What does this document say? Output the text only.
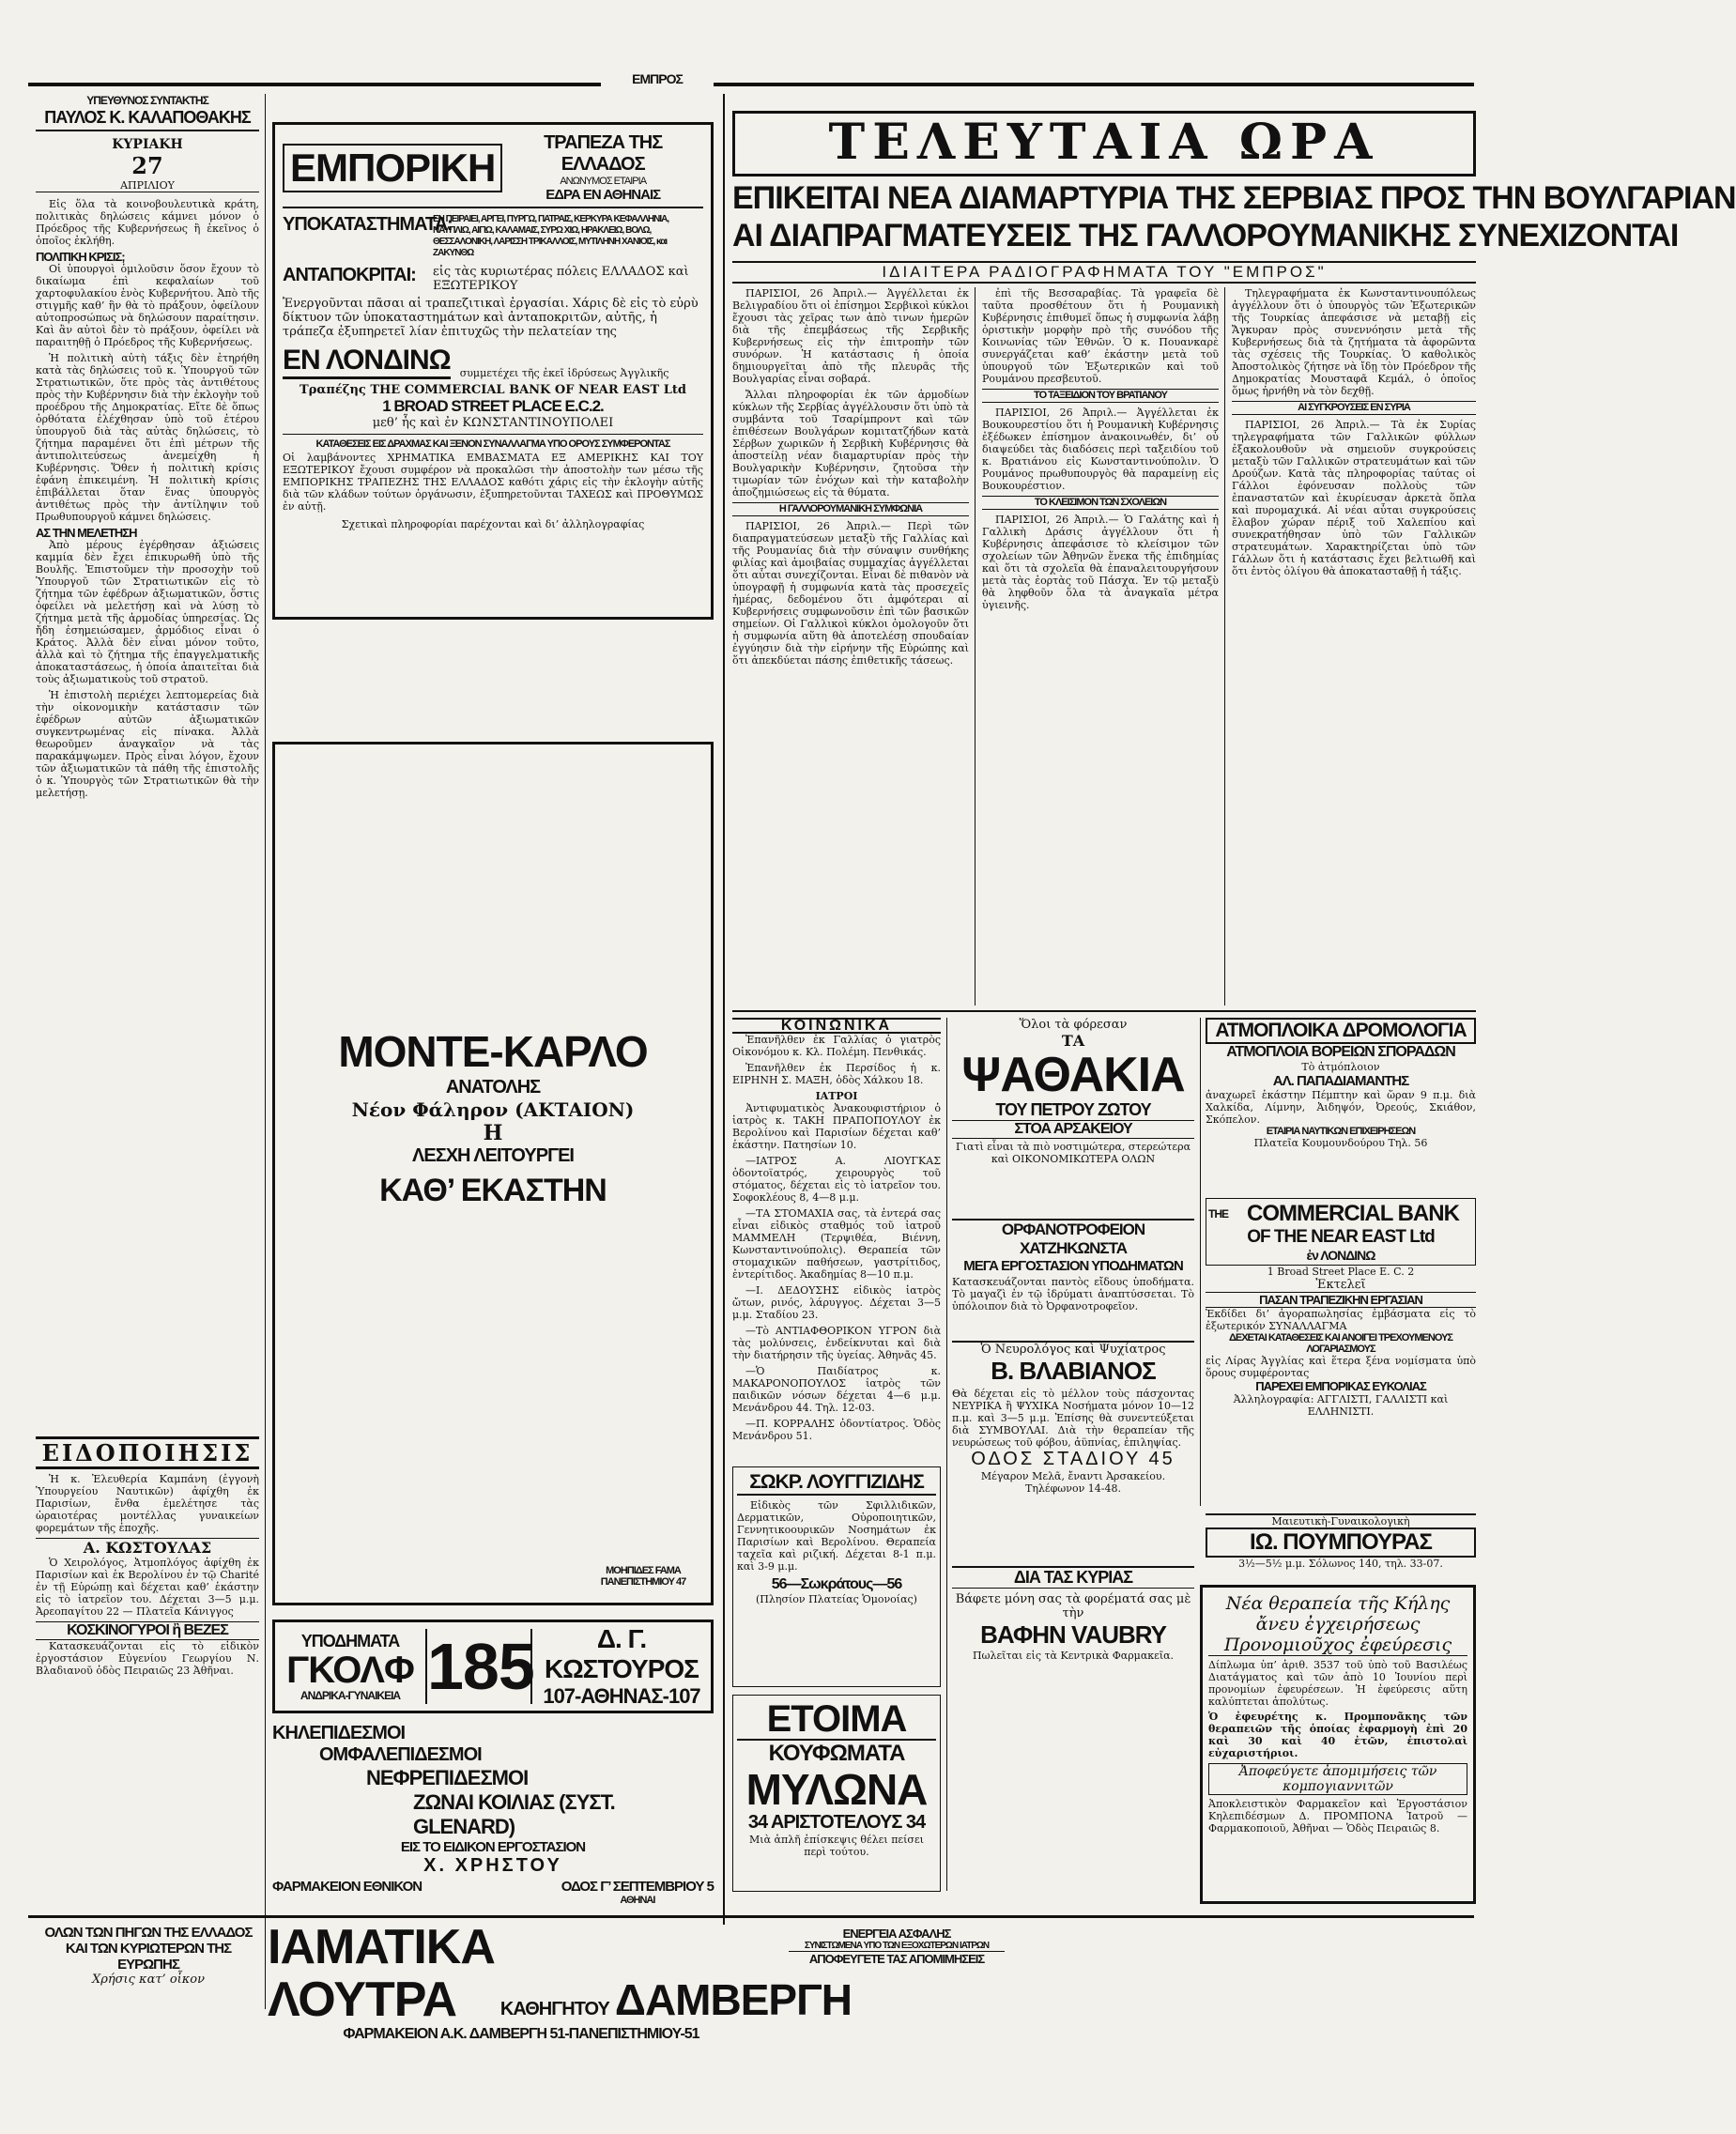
ΕΜΠΡΟΣ
ΥΠΕΥΘΥΝΟΣ ΣΥΝΤΑΚΤΗΣ
ΠΑΥΛΟΣ Κ. ΚΑΛΑΠΟΘΑΚΗΣ
ΚΥΡΙΑΚΗ
27
ΑΠΡΙΛΙΟΥ

Εἰς ὅλα τὰ κοινοβουλευτικὰ κράτη, πολιτικὰς δηλώσεις κάμνει μόνον ὁ Πρόεδρος τῆς Κυβερνήσεως ἢ ἐκεῖνος ὁ ὁποῖος ἐκλήθη.

ΠΟΛΙΤΙΚΗ ΚΡΙΣΙΣ;

Οἱ ὑπουργοὶ ὁμιλοῦσιν ὅσον ἔχουν τὸ δικαίωμα ἐπὶ κεφαλαίων τοῦ χαρτοφυλακίου ἑνὸς Κυβερνήτου. Ἀπὸ τῆς στιγμῆς καθ’ ἣν θὰ τὸ πράξουν, ὀφείλουν αὐτοπροσώπως νὰ δηλώσουν παραίτησιν. Καὶ ἂν αὐτοὶ δὲν τὸ πράξουν, ὀφείλει νὰ παραιτηθῇ ὁ Πρόεδρος τῆς Κυβερνήσεως.

Ἡ πολιτικὴ αὐτὴ τάξις δὲν ἐτηρήθη κατὰ τὰς δηλώσεις τοῦ κ. Ὑπουργοῦ τῶν Στρατιωτικῶν, ὅτε πρὸς τὰς ἀντιθέτους πρὸς τὴν Κυβέρνησιν διὰ τὴν ἐκλογὴν τοῦ προέδρου τῆς Δημοκρατίας. Εἴτε δὲ ὅπως ὀρθότατα ἐλέχθησαν ὑπὸ τοῦ ἐτέρου ὑπουργοῦ διὰ τὰς αὐτὰς δηλώσεις, τὸ ζήτημα παραμένει ὅτι ἐπὶ μέτρων τῆς ἀντιπολιτεύσεως ἀνεμείχθη ἡ Κυβέρνησις. Ὅθεν ἡ πολιτικὴ κρίσις ἐφάνη ἐπικειμένη. Ἡ πολιτικὴ κρίσις ἐπιβάλλεται ὅταν ἕνας ὑπουργὸς ἀντιθέτως πρὸς τὴν ἀντίληψιν τοῦ Πρωθυπουργοῦ κάμνει δηλώσεις.

ΑΣ ΤΗΝ ΜΕΛΕΤΗΣΗ

Ἀπὸ μέρους ἐγέρθησαν ἀξιώσεις καμμία δὲν ἔχει ἐπικυρωθῆ ὑπὸ τῆς Βουλῆς. Ἐπιστοῦμεν τὴν προσοχὴν τοῦ Ὑπουργοῦ τῶν Στρατιωτικῶν εἰς τὸ ζήτημα τῶν ἐφέδρων ἀξιωματικῶν, ὅστις ὀφείλει νὰ μελετήσῃ καὶ νὰ λύσῃ τὸ ζήτημα μετὰ τῆς ἁρμοδίας ὑπηρεσίας. Ὡς ἤδη ἐσημειώσαμεν, ἀρμόδιος εἶναι ὁ Κράτος. Ἀλλὰ δὲν εἶναι μόνον τοῦτο, ἀλλὰ καὶ τὸ ζήτημα τῆς ἐπαγγελματικῆς ἀποκαταστάσεως, ἡ ὁποία ἀπαιτεῖται διὰ τοὺς ἀξιωματικοὺς τοῦ στρατοῦ.

Ἡ ἐπιστολὴ περιέχει λεπτομερείας διὰ τὴν οἰκονομικὴν κατάστασιν τῶν ἐφέδρων αὐτῶν ἀξιωματικῶν συγκεντρωμένας εἰς πίνακα. Ἀλλὰ θεωροῦμεν ἀναγκαῖον νὰ τὰς παρακάμψωμεν. Πρὸς εἶναι λόγον, ἔχουν τῶν ἀξιωματικῶν τὰ πάθη τῆς ἐπιστολῆς ὁ κ. Ὑπουργὸς τῶν Στρατιωτικῶν θὰ τὴν μελετήσῃ.

ΕΙΔΟΠΟΙΗΣΙΣ

Ἡ κ. Ἐλευθερία Καμπάνη (ἐγγονὴ Ὑπουργείου Ναυτικῶν) ἀφίχθη ἐκ Παρισίων, ἔνθα ἐμελέτησε τὰς ὡραιοτέρας μοντέλλας γυναικείων φορεμάτων τῆς ἐποχῆς.

Α. ΚΩΣΤΟΥΛΑΣ

Ὁ Χειρολόγος, Ἀτμοπλόγος ἀφίχθη ἐκ Παρισίων καὶ ἐκ Βερολίνου ἐν τῷ Charité ἐν τῇ Εὐρώπῃ καὶ δέχεται καθ’ ἑκάστην εἰς τὸ ἰατρεῖον του. Δέχεται 3—5 μ.μ. Ἀρεοπαγίτου 22 — Πλατεῖα Κάνιγγος

ΚΟΣΚΙΝΟΓΥΡΟΙ ἢ ΒΕΖΕΣ

Κατασκευάζονται εἰς τὸ εἰδικὸν ἐργοστάσιον Εὐγενίου Γεωργίου Ν. Βλαδιανοῦ ὁδὸς Πειραιῶς 23 Ἀθῆναι.

ΕΜΠΟΡΙΚΗ
ΤΡΑΠΕΖΑ ΤΗΣ ΕΛΛΑΔΟΣ
ΑΝΩΝΥΜΟΣ ΕΤΑΙΡΙΑ
ΕΔΡΑ ΕΝ ΑΘΗΝΑΙΣ
ΥΠΟΚΑΤΑΣΤΗΜΑΤΑ:
ΕΝ ΠΕΙΡΑΙΕΙ, ΑΡΓΕΙ, ΠΥΡΓΩ, ΠΑΤΡΑΙΣ, ΚΕΡΚΥΡΑ ΚΕΦΑΛΛΗΝΙΑ, ΝΑΥΠΛΙΩ, ΑΙΓΙΩ, ΚΑΛΑΜΑΙΣ, ΣΥΡΩ ΧΙΩ, ΗΡΑΚΛΕΙΩ, ΒΟΛΩ, ΘΕΣΣΑΛΟΝΙΚΗ, ΛΑΡΙΣΣΗ ΤΡΙΚΑΛΛΟΙΣ, ΜΥΤΙΛΗΝΗ ΧΑΝΙΟΙΣ, και ΖΑΚΥΝΘΩ
ΑΝΤΑΠΟΚΡΙΤΑΙ:	εἰς τὰς κυριωτέρας πόλεις ΕΛΛΑΔΟΣ καὶ ΕΞΩΤΕΡΙΚΟΥ
Ἐνεργοῦνται πᾶσαι αἱ τραπεζιτικαὶ ἐργασίαι. Χάρις δὲ εἰς τὸ εὐρὺ δίκτυον τῶν ὑποκαταστημάτων καὶ ἀνταποκριτῶν, αὐτῆς, ἡ τράπεζα ἐξυπηρετεῖ λίαν ἐπιτυχῶς τὴν πελατείαν της
ΕΝ ΛΟΝΔΙΝΩ συμμετέχει τῆς ἐκεῖ ἱδρύσεως Ἀγγλικῆς
Τραπέζης THE COMMERCIAL BANK OF NEAR EAST Ltd
1 BROAD STREET PLACE E.C.2.
μεθ’ ἧς καὶ ἐν ΚΩΝΣΤΑΝΤΙΝΟΥΠΟΛΕΙ
ΚΑΤΑΘΕΣΕΙΣ ΕΙΣ ΔΡΑΧΜΑΣ ΚΑΙ ΞΕΝΟΝ ΣΥΝΑΛΛΑΓΜΑ ΥΠΟ ΟΡΟΥΣ ΣΥΜΦΕΡΟΝΤΑΣ
Οἱ λαμβάνοντες ΧΡΗΜΑΤΙΚΑ ΕΜΒΑΣΜΑΤΑ ΕΞ ΑΜΕΡΙΚΗΣ ΚΑΙ ΤΟΥ ΕΞΩΤΕΡΙΚΟΥ ἔχουσι συμφέρον νὰ προκαλῶσι τὴν ἀποστολὴν των μέσω τῆς ΕΜΠΟΡΙΚΗΣ ΤΡΑΠΕΖΗΣ ΤΗΣ ΕΛΛΑΔΟΣ καθότι χάρις εἰς τὴν ἐκλογὴν αὐτῆς διὰ τῶν κλάδων τούτων ὀργάνωσιν, ἐξυπηρετοῦνται ΤΑΧΕΩΣ καὶ ΠΡΟΘΥΜΩΣ ἐν αὐτῇ.
Σχετικαὶ πληροφορίαι παρέχονται καὶ δι’ ἀλληλογραφίας
ΜΟΝΤΕ-ΚΑΡΛΟ
ΑΝΑΤΟΛΗΣ
Νέον Φάληρον (ΑΚΤΑΙΟΝ)
Η
ΛΕΣΧΗ ΛΕΙΤΟΥΡΓΕΙ
ΚΑΘ’ ΕΚΑΣΤΗΝ
ΜΟΗΠΙΔΕΣ FAMA ΠΑΝΕΠΙΣΤΗΜΙΟΥ 47
ΥΠΟΔΗΜΑΤΑ
ΓΚΟΛΦ
ΑΝΔΡΙΚΑ-ΓΥΝΑΙΚΕΙΑ 185	Δ. Γ. ΚΩΣΤΟΥΡΟΣ
107-ΑΘΗΝΑΣ-107
ΚΗΛΕΠΙΔΕΣΜΟΙ
ΟΜΦΑΛΕΠΙΔΕΣΜΟΙ
ΝΕΦΡΕΠΙΔΕΣΜΟΙ
ΖΩΝΑΙ ΚΟΙΛΙΑΣ (ΣΥΣΤ. GLENARD)
ΕΙΣ ΤΟ ΕΙΔΙΚΟΝ ΕΡΓΟΣΤΑΣΙΟΝ
Χ. ΧΡΗΣΤΟΥ
ΦΑΡΜΑΚΕΙΟΝ ΕΘΝΙΚΟΝ	ΟΔΟΣ Γ’ ΣΕΠΤΕΜΒΡΙΟΥ 5
ΑΘΗΝΑΙ
ΤΕΛΕΥΤΑΙΑ ΩΡΑ
ΕΠΙΚΕΙΤΑΙ ΝΕΑ ΔΙΑΜΑΡΤΥΡΙΑ ΤΗΣ ΣΕΡΒΙΑΣ ΠΡΟΣ ΤΗΝ ΒΟΥΛΓΑΡΙΑΝ
ΑΙ ΔΙΑΠΡΑΓΜΑΤΕΥΣΕΙΣ ΤΗΣ ΓΑΛΛΟΡΟΥΜΑΝΙΚΗΣ ΣΥΝΕΧΙΖΟΝΤΑΙ
ΙΔΙΑΙΤΕΡΑ ΡΑΔΙΟΓΡΑΦΗΜΑΤΑ ΤΟΥ "ΕΜΠΡΟΣ"

ΠΑΡΙΣΙΟΙ, 26 Ἀπριλ.— Ἀγγέλλεται ἐκ Βελιγραδίου ὅτι οἱ ἐπίσημοι Σερβικοὶ κύκλοι ἔχουσι τὰς χεῖρας των ἀπὸ τινων ἡμερῶν διὰ τῆς ἐπεμβάσεως τῆς Σερβικῆς Κυβερνήσεως εἰς τὴν ἐπιτροπὴν τῶν συνόρων. Ἡ κατάστασις ἡ ὁποία δημιουργεῖται ἀπὸ τῆς πλευρᾶς τῆς Βουλγαρίας εἶναι σοβαρά.

Ἄλλαι πληροφορίαι ἐκ τῶν ἁρμοδίων κύκλων τῆς Σερβίας ἀγγέλλουσιν ὅτι ὑπὸ τὰ συμβάντα τοῦ Τσαρίμπροντ καὶ τῶν ἐπιθέσεων Βουλγάρων κομιτατζήδων κατὰ Σέρβων χωρικῶν ἡ Σερβικὴ Κυβέρνησις θὰ ἀποστείλῃ νέαν διαμαρτυρίαν πρὸς τὴν Βουλγαρικὴν Κυβέρνησιν, ζητοῦσα τὴν τιμωρίαν τῶν ἐνόχων καὶ τὴν καταβολὴν ἀποζημιώσεως εἰς τὰ θύματα.

Η ΓΑΛΛΟΡΟΥΜΑΝΙΚΗ ΣΥΜΦΩΝΙΑ

ΠΑΡΙΣΙΟΙ, 26 Ἀπριλ.— Περὶ τῶν διαπραγματεύσεων μεταξὺ τῆς Γαλλίας καὶ τῆς Ρουμανίας διὰ τὴν σύναψιν συνθήκης φιλίας καὶ ἀμοιβαίας συμμαχίας ἀγγέλλεται ὅτι αὗται συνεχίζονται. Εἶναι δὲ πιθανὸν νὰ ὑπογραφῇ ἡ συμφωνία κατὰ τὰς προσεχεῖς ἡμέρας, δεδομένου ὅτι ἀμφότεραι αἱ Κυβερνήσεις συμφωνοῦσιν ἐπὶ τῶν βασικῶν σημείων. Οἱ Γαλλικοὶ κύκλοι ὁμολογοῦν ὅτι ἡ συμφωνία αὕτη θὰ ἀποτελέσῃ σπουδαίαν ἐγγύησιν διὰ τὴν εἰρήνην τῆς Εὐρώπης καὶ ὅτι ἀπεκδύεται πάσης ἐπιθετικῆς τάσεως.

ἐπὶ τῆς Βεσσαραβίας. Τὰ γραφεῖα δὲ ταῦτα προσθέτουν ὅτι ἡ Ρουμανικὴ Κυβέρνησις ἐπιθυμεῖ ὅπως ἡ συμφωνία λάβῃ ὁριστικὴν μορφὴν πρὸ τῆς συνόδου τῆς Κοινωνίας τῶν Ἐθνῶν. Ὁ κ. Πουανκαρὲ συνεργάζεται καθ’ ἑκάστην μετὰ τοῦ ὑπουργοῦ τῶν Ἐξωτερικῶν καὶ τοῦ Ρουμάνου πρεσβευτοῦ.

ΤΟ ΤΑΞΕΙΔΙΟΝ ΤΟΥ ΒΡΑΤΙΑΝΟΥ

ΠΑΡΙΣΙΟΙ, 26 Ἀπριλ.— Ἀγγέλλεται ἐκ Βουκουρεστίου ὅτι ἡ Ρουμανικὴ Κυβέρνησις ἐξέδωκεν ἐπίσημον ἀνακοινωθέν, δι’ οὗ διαψεύδει τὰς διαδόσεις περὶ ταξειδίου τοῦ κ. Βρατιάνου εἰς Κωνσταντινούπολιν. Ὁ Ρουμάνος πρωθυπουργὸς θὰ παραμείνῃ εἰς Βουκουρέστιον.

ΤΟ ΚΛΕΙΣΙΜΟΝ ΤΩΝ ΣΧΟΛΕΙΩΝ

ΠΑΡΙΣΙΟΙ, 26 Ἀπριλ.— Ὁ Γαλάτης καὶ ἡ Γαλλικὴ Δράσις ἀγγέλλουν ὅτι ἡ Κυβέρνησις ἀπεφάσισε τὸ κλείσιμον τῶν σχολείων τῶν Ἀθηνῶν ἕνεκα τῆς ἐπιδημίας καὶ ὅτι τὰ σχολεῖα θὰ ἐπαναλειτουργήσουν μετὰ τὰς ἑορτὰς τοῦ Πάσχα. Ἐν τῷ μεταξὺ θὰ ληφθοῦν ὅλα τὰ ἀναγκαῖα μέτρα ὑγιεινῆς.

Τηλεγραφήματα ἐκ Κωνσταντινουπόλεως ἀγγέλλουν ὅτι ὁ ὑπουργὸς τῶν Ἐξωτερικῶν τῆς Τουρκίας ἀπεφάσισε νὰ μεταβῇ εἰς Ἄγκυραν πρὸς συνεννόησιν μετὰ τῆς Κυβερνήσεως διὰ τὰ ζητήματα τὰ ἀφορῶντα τὰς σχέσεις τῆς Τουρκίας. Ὁ καθολικὸς Ἀποστολικὸς ζήτησε νὰ ἴδῃ τὸν Πρόεδρον τῆς Δημοκρατίας Μουσταφᾶ Κεμάλ, ὁ ὁποῖος ὅμως ἠρνήθη νὰ τὸν δεχθῇ.

ΑΙ ΣΥΓΚΡΟΥΣΕΙΣ ΕΝ ΣΥΡΙΑ

ΠΑΡΙΣΙΟΙ, 26 Ἀπριλ.— Τὰ ἐκ Συρίας τηλεγραφήματα τῶν Γαλλικῶν φύλλων ἐξακολουθοῦν νὰ σημειοῦν συγκρούσεις μεταξὺ τῶν Γαλλικῶν στρατευμάτων καὶ τῶν Δρούζων. Κατὰ τὰς πληροφορίας ταύτας οἱ Γάλλοι ἐφόνευσαν πολλοὺς τῶν ἐπαναστατῶν καὶ ἐκυρίευσαν ἀρκετὰ ὅπλα καὶ πυρομαχικά. Αἱ νέαι αὗται συγκρούσεις ἔλαβον χώραν πέριξ τοῦ Χαλεπίου καὶ συνεκρατήθησαν ὑπὸ τῶν Γαλλικῶν στρατευμάτων. Χαρακτηρίζεται ὑπὸ τῶν Γάλλων ὅτι ἡ κατάστασις ἔχει βελτιωθῆ καὶ ὅτι ἐντὸς ὀλίγου θὰ ἀποκατασταθῇ ἡ τάξις.

ΚΟΙΝΩΝΙΚΑ

Ἐπανῆλθεν ἐκ Γαλλίας ὁ γιατρὸς Οἰκονόμου κ. Κλ. Πολέμη. Πενθικάς.

Ἐπανῆλθεν ἐκ Περσίδος ἡ κ. ΕΙΡΗΝΗ Σ. ΜΑΞΗ, ὁδὸς Χάλκου 18.

ΙΑΤΡΟΙ

Ἀντιφυματικὸς Ἀνακουφιστήριον ὁ ἰατρὸς κ. ΤΑΚΗ ΠΡΑΠΟΠΟΥΛΟΥ ἐκ Βερολίνου καὶ Παρισίων δέχεται καθ’ ἑκάστην. Πατησίων 10.

—ΙΑΤΡΟΣ Α. ΛΙΟΥΓΚΑΣ ὁδοντοϊατρός, χειρουργὸς τοῦ στόματος, δέχεται εἰς τὸ ἰατρεῖον του. Σοφοκλέους 8, 4—8 μ.μ.

—ΤΑ ΣΤΟΜΑΧΙΑ σας, τὰ ἐντερά σας εἶναι εἰδικὸς σταθμός τοῦ ἰατροῦ ΜΑΜΜΕΛΗ (Τερψιθέα, Βιέννη, Κωνσταντινούπολις). Θεραπεία τῶν στομαχικῶν παθήσεων, γαστρίτιδος, ἐντερίτιδος. Ἀκαδημίας 8—10 π.μ.

—Ι. ΔΕΔΟΥΣΗΣ εἰδικὸς ἰατρὸς ὤτων, ρινός, λάρυγγος. Δέχεται 3—5 μ.μ. Σταδίου 23.

—Τὸ ΑΝΤΙΑΦΘΟΡΙΚΟΝ ΥΓΡΟΝ διὰ τὰς μολύνσεις, ἐνδείκνυται καὶ διὰ τὴν διατήρησιν τῆς ὑγείας. Ἀθηνᾶς 45.

—Ὁ Παιδίατρος κ. ΜΑΚΑΡΟΝΟΠΟΥΛΟΣ ἰατρὸς τῶν παιδικῶν νόσων δέχεται 4—6 μ.μ. Μενάνδρου 44. Τηλ. 12-03.

—Π. ΚΟΡΡΑΛΗΣ ὀδοντίατρος. Ὁδὸς Μενάνδρου 51.

ΣΩΚΡ. ΛΟΥΓΓΙΖΙΔΗΣ

Εἰδικὸς τῶν Σφιλλιδικῶν, Δερματικῶν, Οὐροποιητικῶν, Γεννητικοουρικῶν Νοσημάτων ἐκ Παρισίων καὶ Βερολίνου. Θεραπεία ταχεῖα καὶ ριζική. Δέχεται 8-1 π.μ. καὶ 3-9 μ.μ.

56—Σωκράτους—56
(Πλησίον Πλατείας Ὁμονοίας)
ΕΤΟΙΜΑ
ΚΟΥΦΩΜΑΤΑ
ΜΥΛΩΝΑ
34 ΑΡΙΣΤΟΤΕΛΟΥΣ 34
Μιὰ ἁπλῆ ἐπίσκεψις θέλει πείσει περὶ τούτου.
Ὅλοι τὰ φόρεσαν
ΤΑ
ΨΑΘΑΚΙΑ
ΤΟΥ ΠΕΤΡΟΥ ΖΩΤΟΥ
ΣΤΟΑ ΑΡΣΑΚΕΙΟΥ
Γιατὶ εἶναι τὰ πιὸ νοστιμώτερα, στερεώτερα καὶ ΟΙΚΟΝΟΜΙΚΩΤΕΡΑ ΟΛΩΝ
ΟΡΦΑΝΟΤΡΟΦΕΙΟΝ ΧΑΤΖΗΚΩΝΣΤΑ
ΜΕΓΑ ΕΡΓΟΣΤΑΣΙΟΝ ΥΠΟΔΗΜΑΤΩΝ
Κατασκευάζονται παντὸς εἴδους ὑποδήματα. Τὸ μαγαζὶ ἐν τῷ ἰδρύματι ἀναπτύσσεται. Τὸ ὑπόλοιπον διὰ τὸ Ὀρφανοτροφεῖον.
Ὁ Νευρολόγος καὶ Ψυχίατρος
Β. ΒΛΑΒΙΑΝΟΣ
Θὰ δέχεται εἰς τὸ μέλλον τοὺς πάσχοντας ΝΕΥΡΙΚΑ ἢ ΨΥΧΙΚΑ Νοσήματα μόνον 10—12 π.μ. καὶ 3—5 μ.μ. Ἐπίσης θὰ συνεντεύξεται διὰ ΣΥΜΒΟΥΛΑΙ. Διὰ τὴν θεραπείαν τῆς νευρώσεως τοῦ φόβου, ἀϋπνίας, ἐπιληψίας.
ΟΔΟΣ ΣΤΑΔΙΟΥ 45
Μέγαρον Μελᾶ, ἔναντι Ἀρσακείου. Τηλέφωνον 14-48.
ΔΙΑ ΤΑΣ ΚΥΡΙΑΣ
Βάφετε μόνη σας τὰ φορέματά σας μὲ τὴν
ΒΑΦΗΝ VAUBRY
Πωλεῖται εἰς τὰ Κεντρικὰ Φαρμακεῖα.
ΑΤΜΟΠΛΟΙΚΑ ΔΡΟΜΟΛΟΓΙΑ
ΑΤΜΟΠΛΟΙΑ ΒΟΡΕΙΩΝ ΣΠΟΡΑΔΩΝ
Τὸ ἀτμόπλοιον
ΑΛ. ΠΑΠΑΔΙΑΜΑΝΤΗΣ
ἀναχωρεῖ ἑκάστην Πέμπτην καὶ ὥραν 9 π.μ. διὰ Χαλκίδα, Λίμνην, Ἀιδηψόν, Ὀρεούς, Σκιάθον, Σκόπελον.
ΕΤΑΙΡΙΑ ΝΑΥΤΙΚΩΝ ΕΠΙΧΕΙΡΗΣΕΩΝ
Πλατεῖα Κουμουνδούρου Τηλ. 56
THE COMMERCIAL BANK
OF THE NEAR EAST Ltd
ἐν ΛΟΝΔΙΝΩ
1 Broad Street Place E. C. 2
Ἐκτελεῖ
ΠΑΣΑΝ ΤΡΑΠΕΖΙΚΗΝ ΕΡΓΑΣΙΑΝ
Ἐκδίδει δι’ ἀγοραπωλησίας ἐμβάσματα εἰς τὸ ἐξωτερικόν ΣΥΝΑΛΛΑΓΜΑ
ΔΕΧΕΤΑΙ ΚΑΤΑΘΕΣΕΙΣ ΚΑΙ ΑΝΟΙΓΕΙ ΤΡΕΧΟΥΜΕΝΟΥΣ ΛΟΓΑΡΙΑΣΜΟΥΣ
εἰς Λίρας Ἀγγλίας καὶ ἕτερα ξένα νομίσματα ὑπὸ ὅρους συμφέροντας
ΠΑΡΕΧΕΙ ΕΜΠΟΡΙΚΑΣ ΕΥΚΟΛΙΑΣ
Ἀλληλογραφία: ΑΓΓΛΙΣΤΙ, ΓΑΛΛΙΣΤΙ καὶ ΕΛΛΗΝΙΣΤΙ.
Μαιευτικὴ-Γυναικολογικὴ
ΙΩ. ΠΟΥΜΠΟΥΡΑΣ
3½—5½ μ.μ. Σόλωνος 140, τηλ. 33-07.
Νέα θεραπεία τῆς Κήλης
ἄνευ ἐγχειρήσεως
Προνομιοῦχος ἐφεύρεσις
Δίπλωμα ὑπ’ ἀριθ. 3537 τοῦ ὑπὸ τοῦ Βασιλέως Διατάγματος καὶ τῶν ἀπὸ 10 Ἰουνίου περὶ προνομίων ἐφευρέσεων. Ἡ ἐφεύρεσις αὕτη καλύπτεται ἀπολύτως.
Ὁ ἐφευρέτης κ. Προμπονᾶκης τῶν θεραπειῶν τῆς ὁποίας ἐφαρμογὴ ἐπὶ 20 καὶ 30 καὶ 40 ἐτῶν, ἐπιστολαὶ εὐχαριστήριοι.
Ἀποφεύγετε ἀπομιμήσεις τῶν κομπογιαννιτῶν
Ἀποκλειστικὸν Φαρμακεῖον καὶ Ἐργοστάσιον Κηλεπιδέσμων Δ. ΠΡΟΜΠΟΝΑ Ἰατροῦ — Φαρμακοποιοῦ, Ἀθῆναι — Ὁδὸς Πειραιῶς 8.
ΟΛΩΝ ΤΩΝ ΠΗΓΩΝ ΤΗΣ ΕΛΛΑΔΟΣ
ΚΑΙ ΤΩΝ ΚΥΡΙΩΤΕΡΩΝ ΤΗΣ ΕΥΡΩΠΗΣ
Χρήσις κατ’ οἶκον
ΙΑΜΑΤΙΚΑ ΛΟΥΤΡΑ	ΚΑΘΗΓΗΤΟΥ ΔΑΜΒΕΡΓΗ
ΦΑΡΜΑΚΕΙΟΝ Α.Κ. ΔΑΜΒΕΡΓΗ 51-ΠΑΝΕΠΙΣΤΗΜΙΟΥ-51
ΕΝΕΡΓΕΙΑ ΑΣΦΑΛΗΣ
ΣΥΝΙΣΤΩΜΕΝΑ ΥΠΟ ΤΩΝ ΕΞΟΧΩΤΕΡΩΝ ΙΑΤΡΩΝ
ΑΠΟΦΕΥΓΕΤΕ ΤΑΣ ΑΠΟΜΙΜΗΣΕΙΣ
